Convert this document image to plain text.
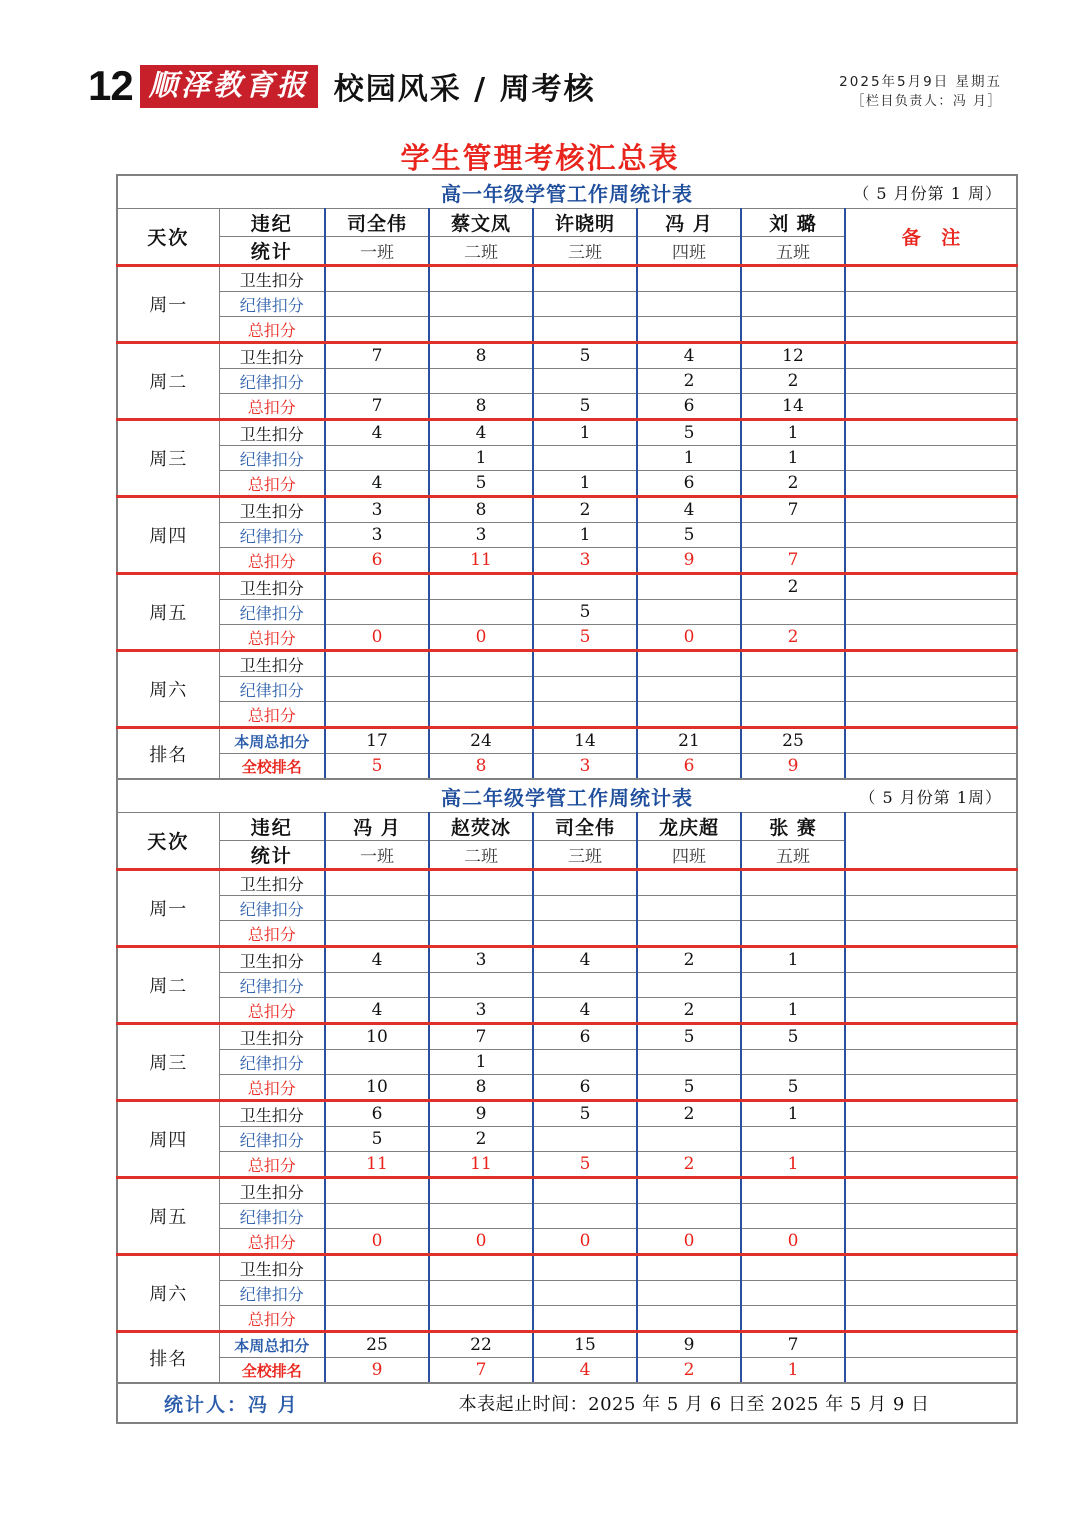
12 顺泽教育报 校园风采 / 周考核	2025年5月9日 星期五
［栏目负责人：冯 月］
学生管理考核汇总表
高一年级学管工作周统计表 （ 5 月份第 1 周）							

天次	违纪	司全伟	蔡文凤	许晓明	冯 月	刘 璐	备 注
	统计	一班	二班	三班	四班	五班	
周一	卫生扣分						
	纪律扣分						
	总扣分						
周二	卫生扣分	7	8	5	4	12	
	纪律扣分				2	2	
	总扣分	7	8	5	6	14	
周三	卫生扣分	4	4	1	5	1	
	纪律扣分		1		1	1	
	总扣分	4	5	1	6	2	
周四	卫生扣分	3	8	2	4	7	
	纪律扣分	3	3	1	5		
	总扣分	6	11	3	9	7	
周五	卫生扣分					2	
	纪律扣分			5			
	总扣分	0	0	5	0	2	
周六	卫生扣分						
	纪律扣分						
	总扣分						
排名	本周总扣分	17	24	14	21	25	
	全校排名	5	8	3	6	9	

高二年级学管工作周统计表 （ 5 月份第 1周）							

天次	违纪	冯 月	赵荧冰	司全伟	龙庆超	张 赛	
	统计	一班	二班	三班	四班	五班	
周一	卫生扣分						
	纪律扣分						
	总扣分						
周二	卫生扣分	4	3	4	2	1	
	纪律扣分						
	总扣分	4	3	4	2	1	
周三	卫生扣分	10	7	6	5	5	
	纪律扣分		1				
	总扣分	10	8	6	5	5	
周四	卫生扣分	6	9	5	2	1	
	纪律扣分	5	2				
	总扣分	11	11	5	2	1	
周五	卫生扣分						
	纪律扣分						
	总扣分	0	0	0	0	0	
周六	卫生扣分						
	纪律扣分						
	总扣分						
排名	本周总扣分	25	22	15	9	7	
	全校排名	9	7	4	2	1	

统计人：冯 月 本表起止时间：2025 年 5 月 6 日至 2025 年 5 月 9 日							
